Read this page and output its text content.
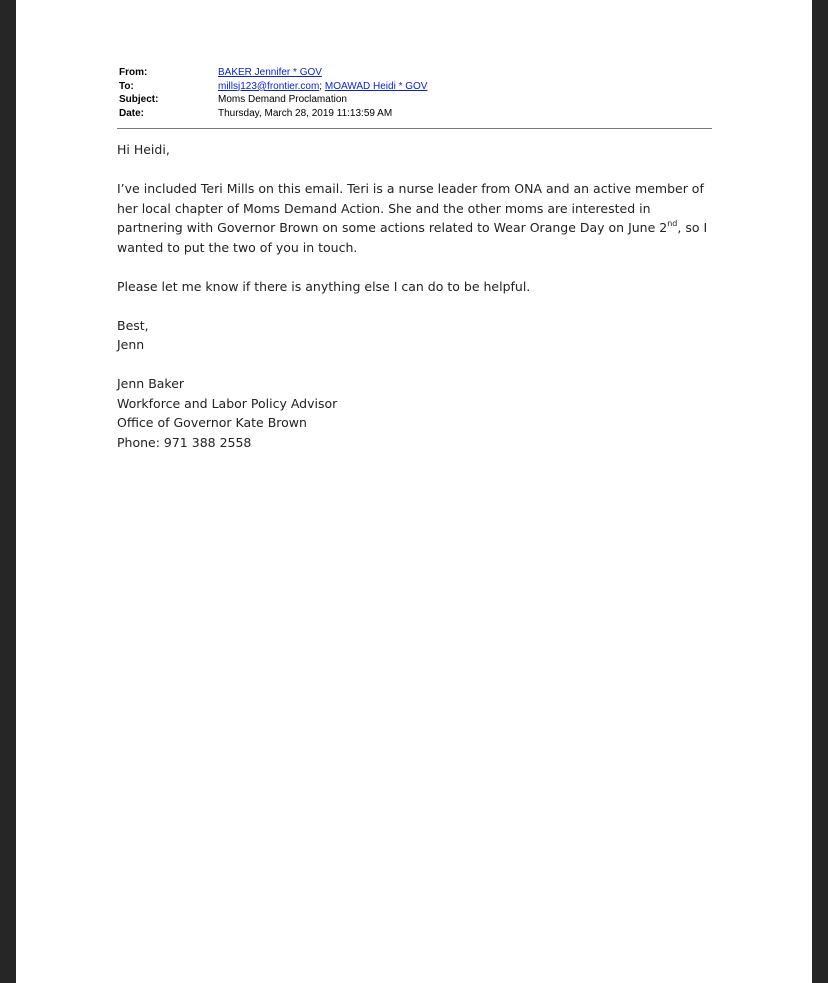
From:	BAKER Jennifer * GOV
To:	millsj123@frontier.com; MOAWAD Heidi * GOV
Subject:	Moms Demand Proclamation
Date:	Thursday, March 28, 2019 11:13:59 AM

Hi Heidi,

I’ve included Teri Mills on this email. Teri is a nurse leader from ONA and an active member of her local chapter of Moms Demand Action. She and the other moms are interested in partnering with Governor Brown on some actions related to Wear Orange Day on June 2nd, so I wanted to put the two of you in touch.

Please let me know if there is anything else I can do to be helpful.

Best,

Jenn

Jenn Baker

Workforce and Labor Policy Advisor

Office of Governor Kate Brown

Phone: 971 388 2558
